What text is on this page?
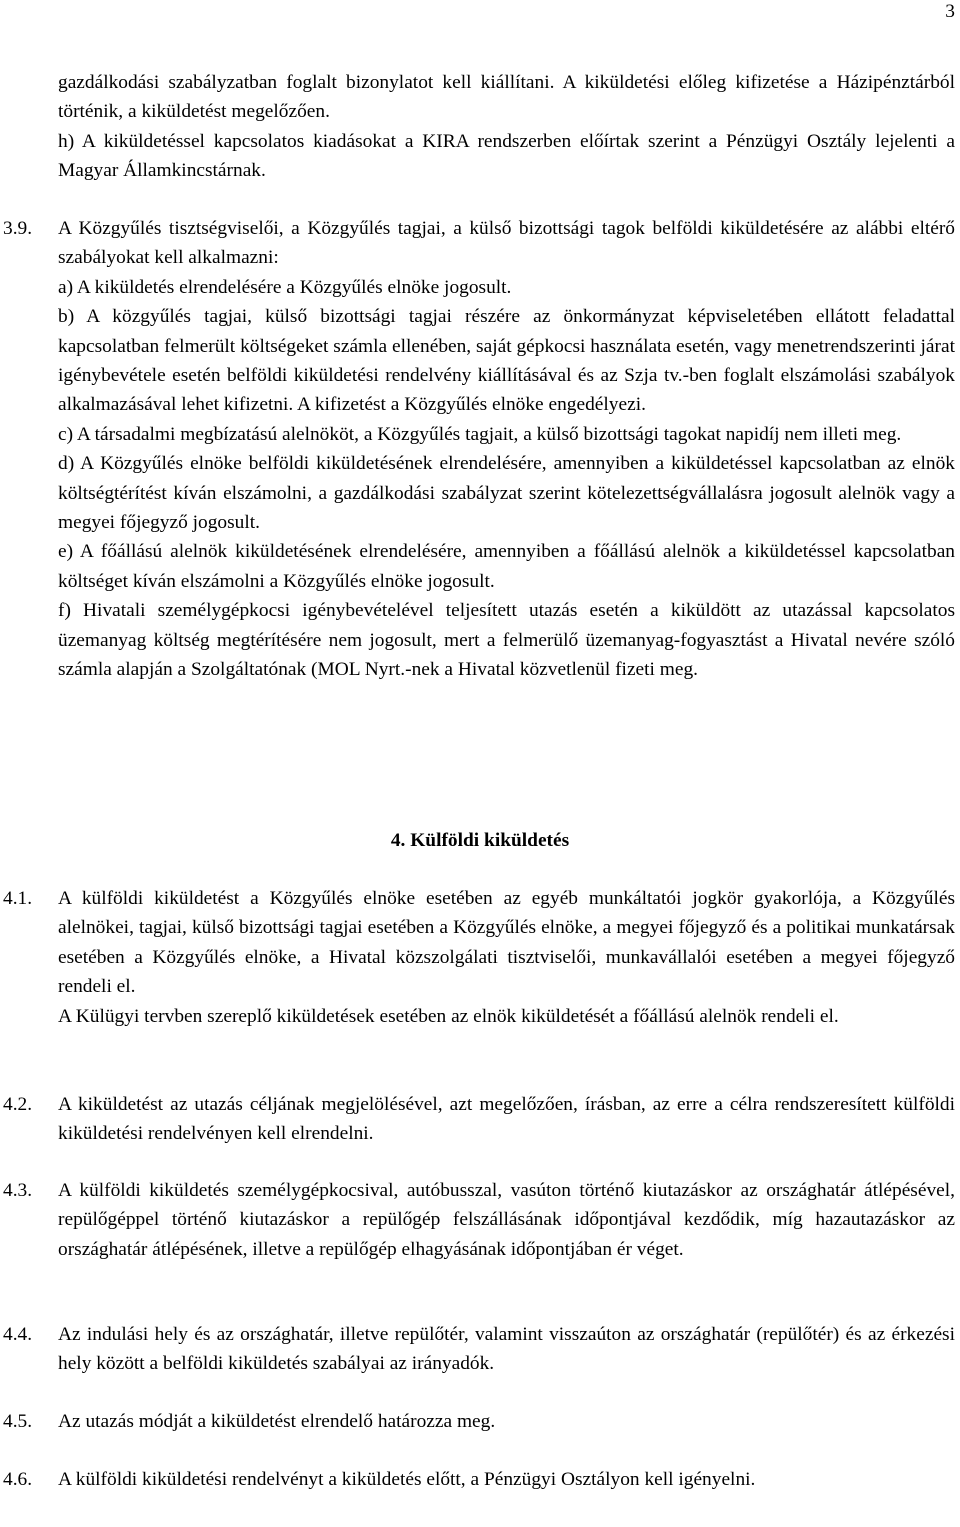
3

gazdálkodási szabályzatban foglalt bizonylatot kell kiállítani. A kiküldetési előleg kifizetése a Házipénztárból történik, a kiküldetést megelőzően.

h) A kiküldetéssel kapcsolatos kiadásokat a KIRA rendszerben előírtak szerint a Pénzügyi Osztály lejelenti a Magyar Államkincstárnak.

3.9.	A Közgyűlés tisztségviselői, a Közgyűlés tagjai, a külső bizottsági tagok belföldi kiküldetésére az alábbi eltérő szabályokat kell alkalmazni:

a) A kiküldetés elrendelésére a Közgyűlés elnöke jogosult.

b) A közgyűlés tagjai, külső bizottsági tagjai részére az önkormányzat képviseletében ellátott feladattal kapcsolatban felmerült költségeket számla ellenében, saját gépkocsi használata esetén, vagy menetrendszerinti járat igénybevétele esetén belföldi kiküldetési rendelvény kiállításával és az Szja tv.-ben foglalt elszámolási szabályok alkalmazásával lehet kifizetni. A kifizetést a Közgyűlés elnöke engedélyezi.

c) A társadalmi megbízatású alelnököt, a Közgyűlés tagjait, a külső bizottsági tagokat napidíj nem illeti meg.

d) A Közgyűlés elnöke belföldi kiküldetésének elrendelésére, amennyiben a kiküldetéssel kapcsolatban az elnök költségtérítést kíván elszámolni, a gazdálkodási szabályzat szerint kötelezettségvállalásra jogosult alelnök vagy a megyei főjegyző jogosult.

e) A főállású alelnök kiküldetésének elrendelésére, amennyiben a főállású alelnök a kiküldetéssel kapcsolatban költséget kíván elszámolni a Közgyűlés elnöke jogosult.

f) Hivatali személygépkocsi igénybevételével teljesített utazás esetén a kiküldött az utazással kapcsolatos üzemanyag költség megtérítésére nem jogosult, mert a felmerülő üzemanyag-fogyasztást a Hivatal nevére szóló számla alapján a Szolgáltatónak (MOL Nyrt.-nek a Hivatal közvetlenül fizeti meg.

4. Külföldi kiküldetés
4.1.	A külföldi kiküldetést a Közgyűlés elnöke esetében az egyéb munkáltatói jogkör gyakorlója, a Közgyűlés alelnökei, tagjai, külső bizottsági tagjai esetében a Közgyűlés elnöke, a megyei főjegyző és a politikai munkatársak esetében a Közgyűlés elnöke, a Hivatal közszolgálati tisztviselői, munkavállalói esetében a megyei főjegyző rendeli el.

A Külügyi tervben szereplő kiküldetések esetében az elnök kiküldetését a főállású alelnök rendeli el.

4.2.	A kiküldetést az utazás céljának megjelölésével, azt megelőzően, írásban, az erre a célra rendszeresített külföldi kiküldetési rendelvényen kell elrendelni.
4.3.	A külföldi kiküldetés személygépkocsival, autóbusszal, vasúton történő kiutazáskor az országhatár átlépésével, repülőgéppel történő kiutazáskor a repülőgép felszállásának időpontjával kezdődik, míg hazautazáskor az országhatár átlépésének, illetve a repülőgép elhagyásának időpontjában ér véget.
4.4.	Az indulási hely és az országhatár, illetve repülőtér, valamint visszaúton az országhatár (repülőtér) és az érkezési hely között a belföldi kiküldetés szabályai az irányadók.
4.5.	Az utazás módját a kiküldetést elrendelő határozza meg.
4.6.	A külföldi kiküldetési rendelvényt a kiküldetés előtt, a Pénzügyi Osztályon kell igényelni.
